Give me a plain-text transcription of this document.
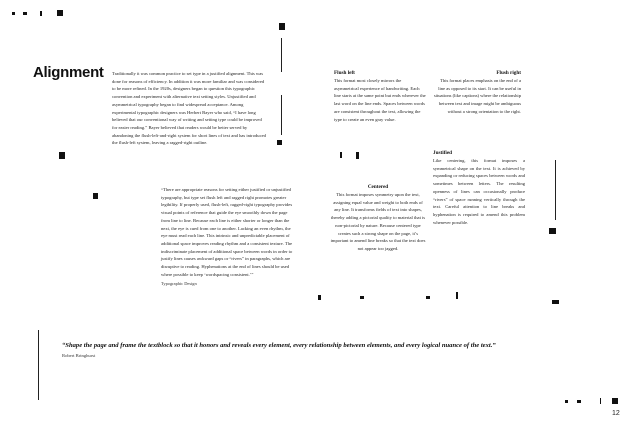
Alignment Traditionally it was common practice to set type in a justified alignment. This was done for reasons of efficiency. In addition it was more familiar and was considered to be more refined. In the 1920s, designers began to question this typographic convention and experiment with alternative text setting styles. Unjustified and asymmetrical typography began to find widespread acceptance. Among experimental typographic designers was Herbert Bayer who said, “I have long believed that our conventional way of writing and setting type could be improved for easier reading.” Bayer believed that readers would be better served by abandoning the flush-left-and-right system for short lines of text and has introduced the flush-left system, leaving a ragged-right outline.
Flush left
This format most closely mirrors the asymmetrical experience of handwriting. Each line starts at the same point but ends wherever the last word on the line ends. Spaces between words are consistent throughout the text, allowing the type to create an even gray value.
Flush right
This format places emphasis on the end of a line as opposed to its start. It can be useful in situations (like captions) where the relationship between text and image might be ambiguous without a strong orientation to the right.
Justified
Like centering, this format imposes a symmetrical shape on the text. It is achieved by expanding or reducing spaces between words and sometimes between letters. The resulting openness of lines can occasionally produce “rivers” of space running vertically through the text. Careful attention to line breaks and hyphenation is required to amend this problem whenever possible.
Centered
This format imposes symmetry upon the text, assigning equal value and weight to both ends of any line. It transforms fields of text into shapes, thereby adding a pictorial quality to material that is non-pictorial by nature. Because centered type creates such a strong shape on the page, it’s important to amend line breaks so that the text does not appear too jagged.
“There are appropriate reasons for setting either justified or unjustified typography, but type set flush left and ragged right promotes greater legibility. If properly used, flush-left, ragged-right typography provides visual points of reference that guide the eye smoothly down the page from line to line. Because each line is either shorter or longer than the next, the eye is cued from one to another. Lacking an even rhythm, the eye must read each line. This intrinsic and unpredictable placement of additional space improves reading rhythm and a consistent texture. The indiscriminate placement of additional space between words in order to justify lines causes awkward gaps or “rivers” in paragraphs, which are disruptive to reading. Hyphenations at the end of lines should be used where possible to keep ‘wordspacing consistent.’”
Typographic Design
“Shape the page and frame the textblock so that it honors and reveals every element, every relationship between elements, and every logical nuance of the text.”
Robert Bringhurst
12
